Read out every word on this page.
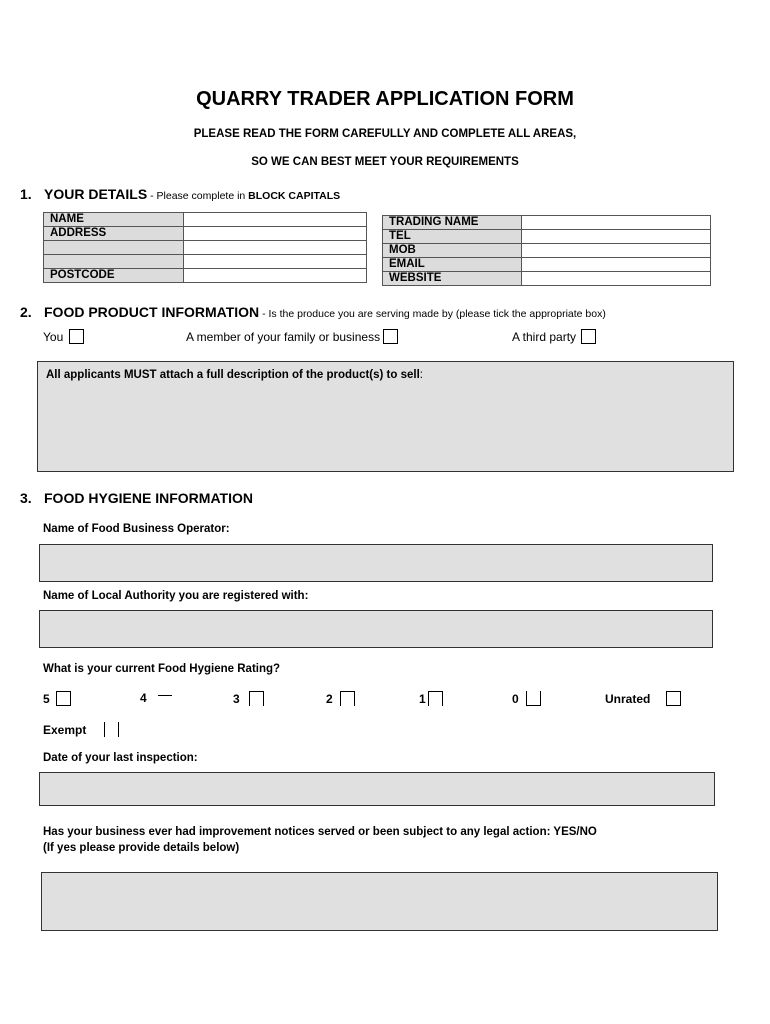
QUARRY TRADER APPLICATION FORM
PLEASE READ THE FORM CAREFULLY AND COMPLETE ALL AREAS,
SO WE CAN BEST MEET YOUR REQUIREMENTS
1. YOUR DETAILS - Please complete in BLOCK CAPITALS
NAME	
ADDRESS	

POSTCODE	
TRADING NAME	
TEL	
MOB	
EMAIL	
WEBSITE	
2. FOOD PRODUCT INFORMATION - Is the produce you are serving made by (please tick the appropriate box)
You	A member of your family or business	A third party
All applicants MUST attach a full description of the product(s) to sell:
3. FOOD HYGIENE INFORMATION
Name of Food Business Operator:
Name of Local Authority you are registered with:
What is your current Food Hygiene Rating?
5	4	3	2	1	0	Unrated
Exempt
Date of your last inspection:
Has your business ever had improvement notices served or been subject to any legal action: YES/NO
(If yes please provide details below)
